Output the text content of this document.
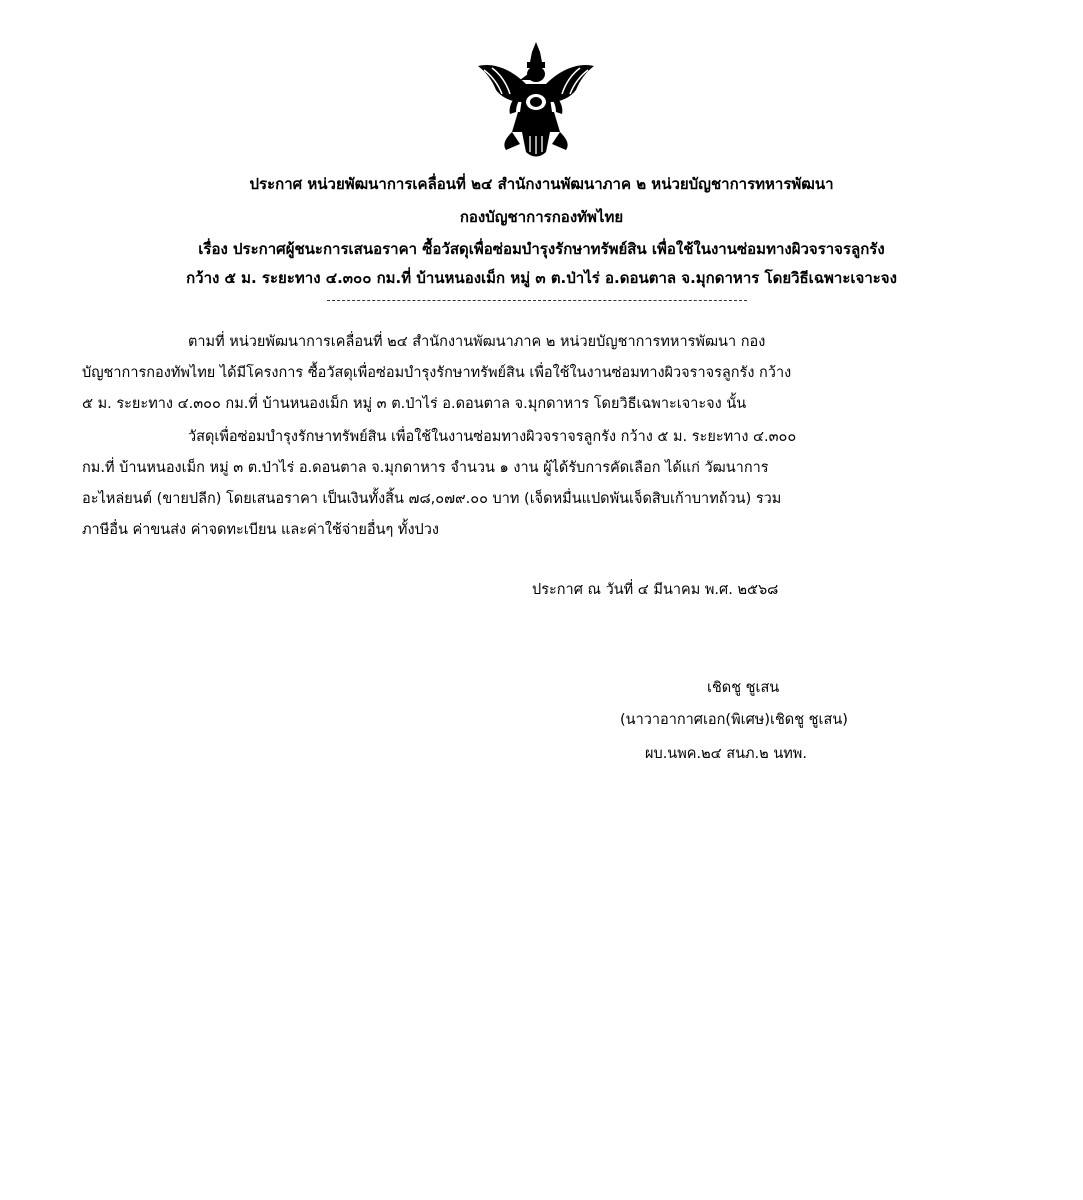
ประกาศ หน่วยพัฒนาการเคลื่อนที่ ๒๔ สำนักงานพัฒนาภาค ๒ หน่วยบัญชาการทหารพัฒนา
กองบัญชาการกองทัพไทย
เรื่อง ประกาศผู้ชนะการเสนอราคา ซื้อวัสดุเพื่อซ่อมบำรุงรักษาทรัพย์สิน เพื่อใช้ในงานซ่อมทางผิวจราจรลูกรัง
กว้าง ๕ ม. ระยะทาง ๔.๓๐๐ กม.ที่ บ้านหนองเม็ก หมู่ ๓ ต.ป่าไร่ อ.ดอนตาล จ.มุกดาหาร โดยวิธีเฉพาะเจาะจง
ตามที่ หน่วยพัฒนาการเคลื่อนที่ ๒๔ สำนักงานพัฒนาภาค ๒ หน่วยบัญชาการทหารพัฒนา กอง
บัญชาการกองทัพไทย ได้มีโครงการ ซื้อวัสดุเพื่อซ่อมบำรุงรักษาทรัพย์สิน เพื่อใช้ในงานซ่อมทางผิวจราจรลูกรัง กว้าง
๕ ม. ระยะทาง ๔.๓๐๐ กม.ที่ บ้านหนองเม็ก หมู่ ๓ ต.ป่าไร่ อ.ดอนตาล จ.มุกดาหาร โดยวิธีเฉพาะเจาะจง นั้น
วัสดุเพื่อซ่อมบำรุงรักษาทรัพย์สิน เพื่อใช้ในงานซ่อมทางผิวจราจรลูกรัง กว้าง ๕ ม. ระยะทาง ๔.๓๐๐
กม.ที่ บ้านหนองเม็ก หมู่ ๓ ต.ป่าไร่ อ.ดอนตาล จ.มุกดาหาร จำนวน ๑ งาน ผู้ได้รับการคัดเลือก ได้แก่ วัฒนาการ
อะไหล่ยนต์ (ขายปลีก) โดยเสนอราคา เป็นเงินทั้งสิ้น ๗๘,๐๗๙.๐๐ บาท (เจ็ดหมื่นแปดพันเจ็ดสิบเก้าบาทถ้วน) รวม
ภาษีอื่น ค่าขนส่ง ค่าจดทะเบียน และค่าใช้จ่ายอื่นๆ ทั้งปวง
ประกาศ ณ วันที่ ๔ มีนาคม พ.ศ. ๒๕๖๘
เชิดชู ชูเสน
(นาวาอากาศเอก(พิเศษ)เชิดชู ชูเสน)
ผบ.นพค.๒๔ สนภ.๒ นทพ.
